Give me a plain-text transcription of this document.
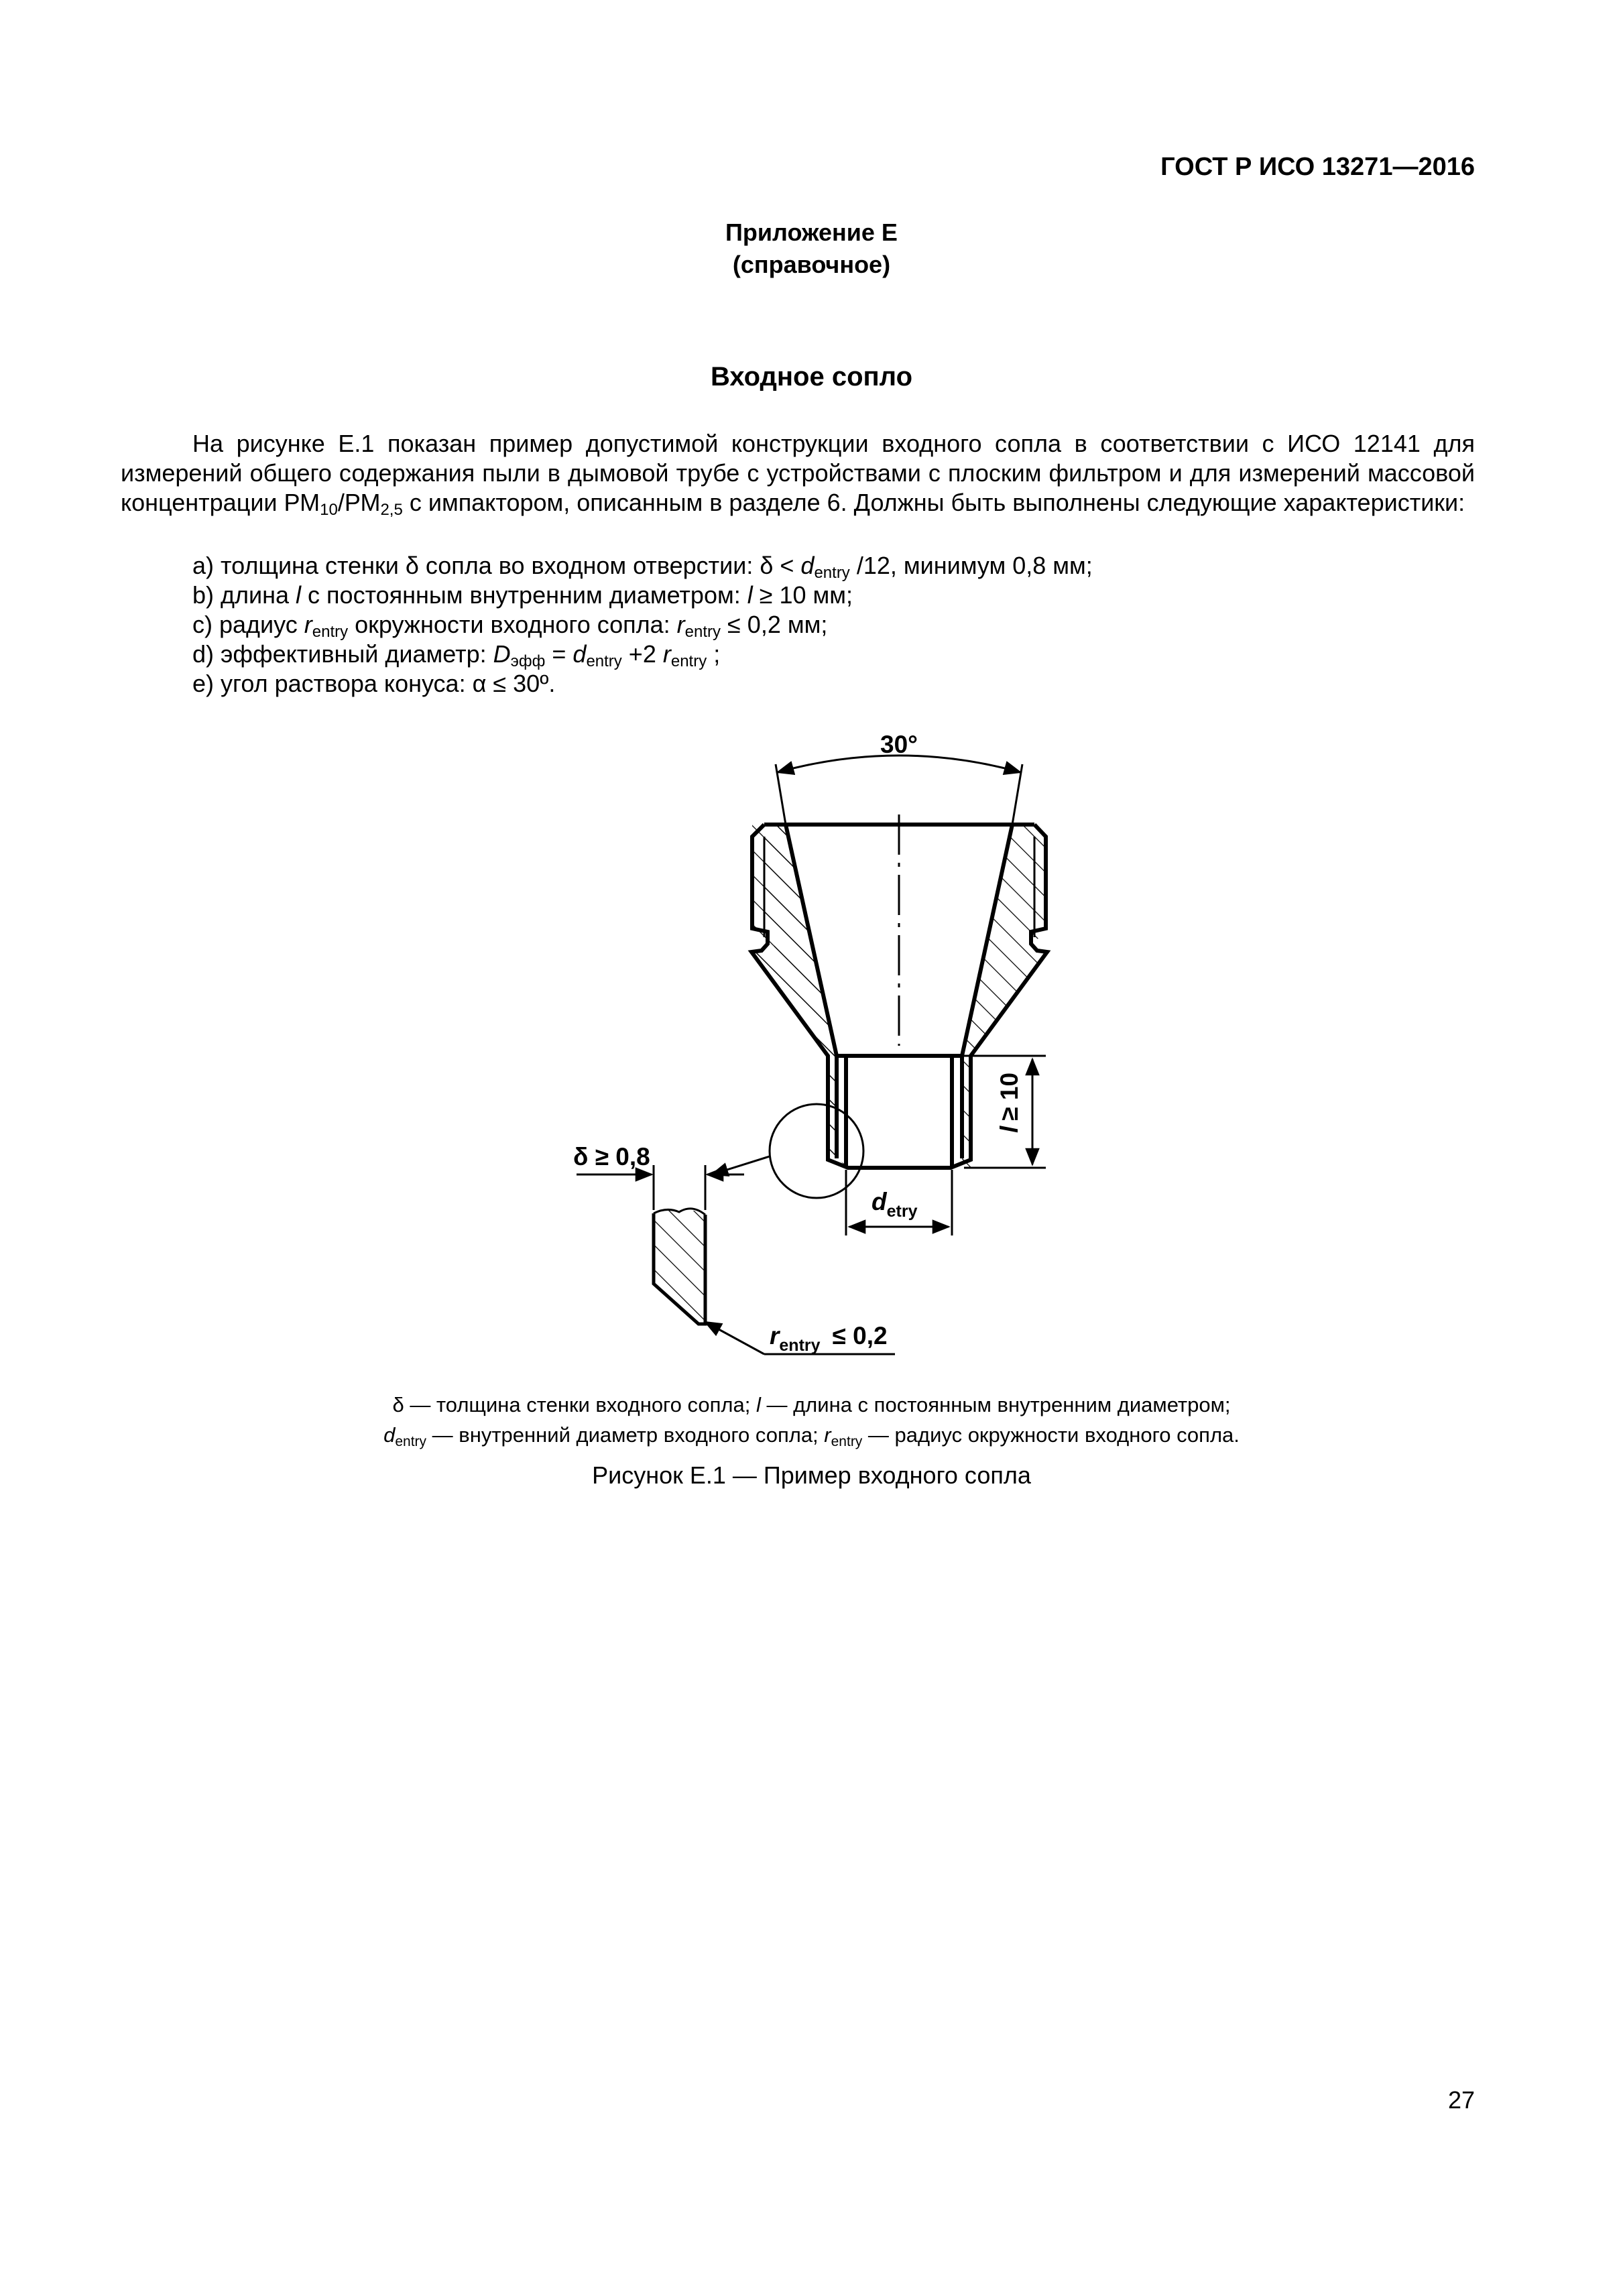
ГОСТ Р ИСО 13271—2016
Приложение Е
(справочное)
Входное сопло
На рисунке Е.1 показан пример допустимой конструкции входного сопла в соответствии с ИСО 12141 для измерений общего содержания пыли в дымовой трубе с устройствами с плоским фильтром и для измерений массовой концентрации $РМ_{10}/РМ_{2,5}$ с импактором, описанным в разделе 6. Должны быть выполнены следующие характеристики:
a) толщина стенки δ сопла во входном отверстии: $\delta < d_{entry}$ /12, минимум 0,8 мм;
b) длина l с постоянным внутренним диаметром: l ≥ 10 мм;
c) радиус $r_{entry}$ окружности входного сопла: $r_{entry} \le 0,2$ мм;
d) эффективный диаметр: $D_{эфф} = d_{entry} +2$ $r_{entry}$ ;
e) угол раствора конуса: α ≤ 30º.
30°
l≥ 10
$d_{etry}$
δ ≥ 0,8
$r_{entry} \le 0,2$
δ — толщина стенки входного сопла; l — длина с постоянным внутренним диаметром;
$d_{entry}$ — внутренний диаметр входного сопла; $r_{entry}$ — радиус окружности входного сопла.
Рисунок Е.1 — Пример входного сопла
27
